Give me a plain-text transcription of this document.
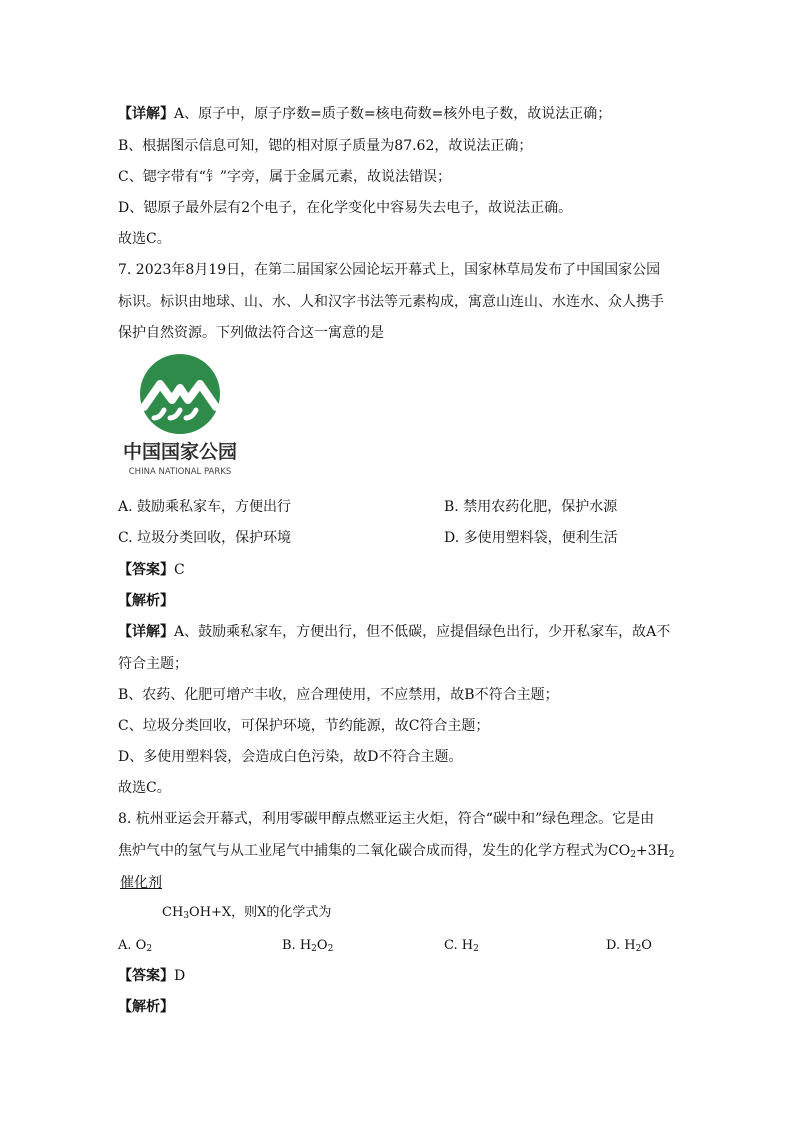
【详解】A、原子中，原子序数=质子数=核电荷数=核外电子数，故说法正确；
B、根据图示信息可知，锶的相对原子质量为87.62，故说法正确；
C、锶字带有“钅”字旁，属于金属元素，故说法错误；
D、锶原子最外层有2个电子，在化学变化中容易失去电子，故说法正确。
故选C。
7. 2023年8月19日，在第二届国家公园论坛开幕式上，国家林草局发布了中国国家公园
标识。标识由地球、山、水、人和汉字书法等元素构成，寓意山连山、水连水、众人携手
保护自然资源。下列做法符合这一寓意的是
中国国家公园
CHINA NATIONAL PARKS
A. 鼓励乘私家车，方便出行	B. 禁用农药化肥，保护水源
C. 垃圾分类回收，保护环境	D. 多使用塑料袋，便利生活
【答案】C
【解析】
【详解】A、鼓励乘私家车，方便出行，但不低碳，应提倡绿色出行，少开私家车，故A不
符合主题；
B、农药、化肥可增产丰收，应合理使用，不应禁用，故B不符合主题；
C、垃圾分类回收，可保护环境，节约能源，故C符合主题；
D、多使用塑料袋，会造成白色污染，故D不符合主题。
故选C。
8. 杭州亚运会开幕式，利用零碳甲醇点燃亚运主火炬，符合“碳中和”绿色理念。它是由
焦炉气中的氢气与从工业尾气中捕集的二氧化碳合成而得，发生的化学方程式为$CO_2+3H_2$
催化剂
$CH_3OH+X$，则X的化学式为
A. $O_2$	B. $H_2O_2$	C. $H_2$	D. $H_2O$
【答案】D
【解析】
